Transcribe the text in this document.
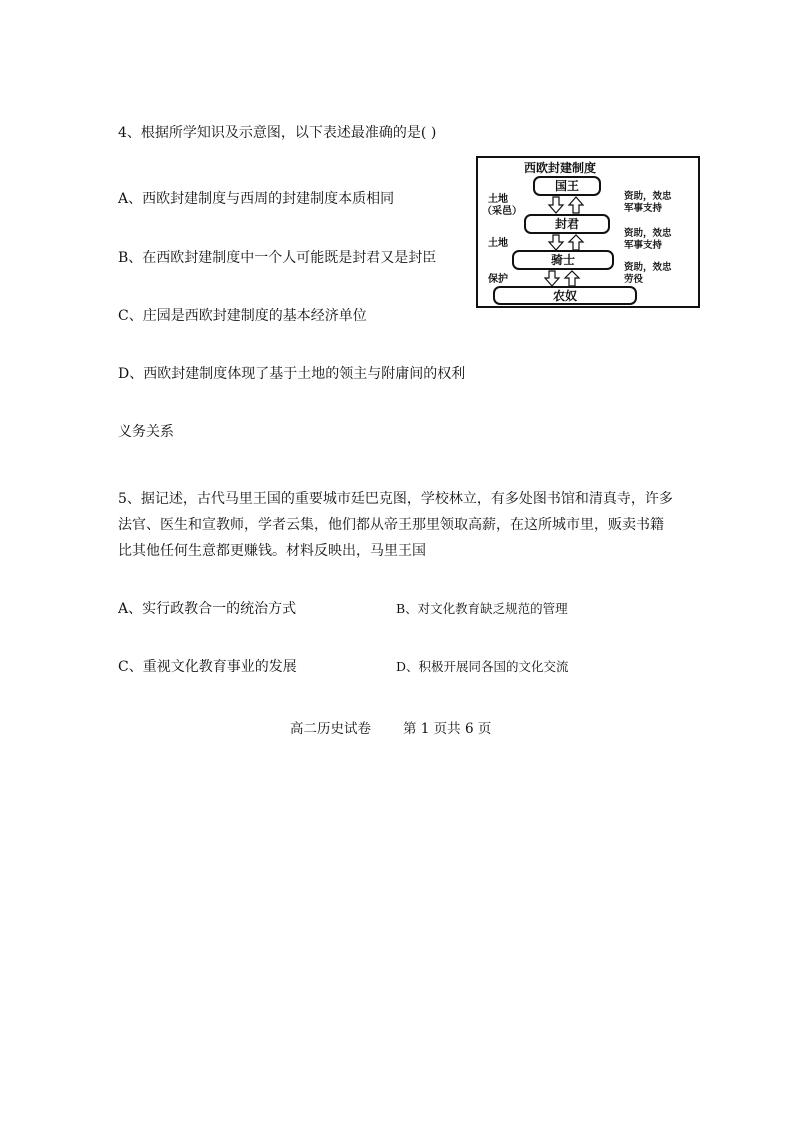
4、根据所学知识及示意图，以下表述最准确的是( )
A、西欧封建制度与西周的封建制度本质相同
B、在西欧封建制度中一个人可能既是封君又是封臣
C、庄园是西欧封建制度的基本经济单位
D、西欧封建制度体现了基于土地的领主与附庸间的权利
义务关系
西欧封建制度
国王
封君
骑士
农奴
土地
（采邑）
土地
保护
资助，效忠
军事支持
资助，效忠
军事支持
资助，效忠
劳役
5、据记述，古代马里王国的重要城市廷巴克图，学校林立，有多处图书馆和清真寺，许多
法官、医生和宣教师，学者云集，他们都从帝王那里领取高薪，在这所城市里，贩卖书籍
比其他任何生意都更赚钱。材料反映出，马里王国
A、实行政教合一的统治方式	B、对文化教育缺乏规范的管理
C、重视文化教育事业的发展	D、积极开展同各国的文化交流
高二历史试卷 第 1 页共 6 页
